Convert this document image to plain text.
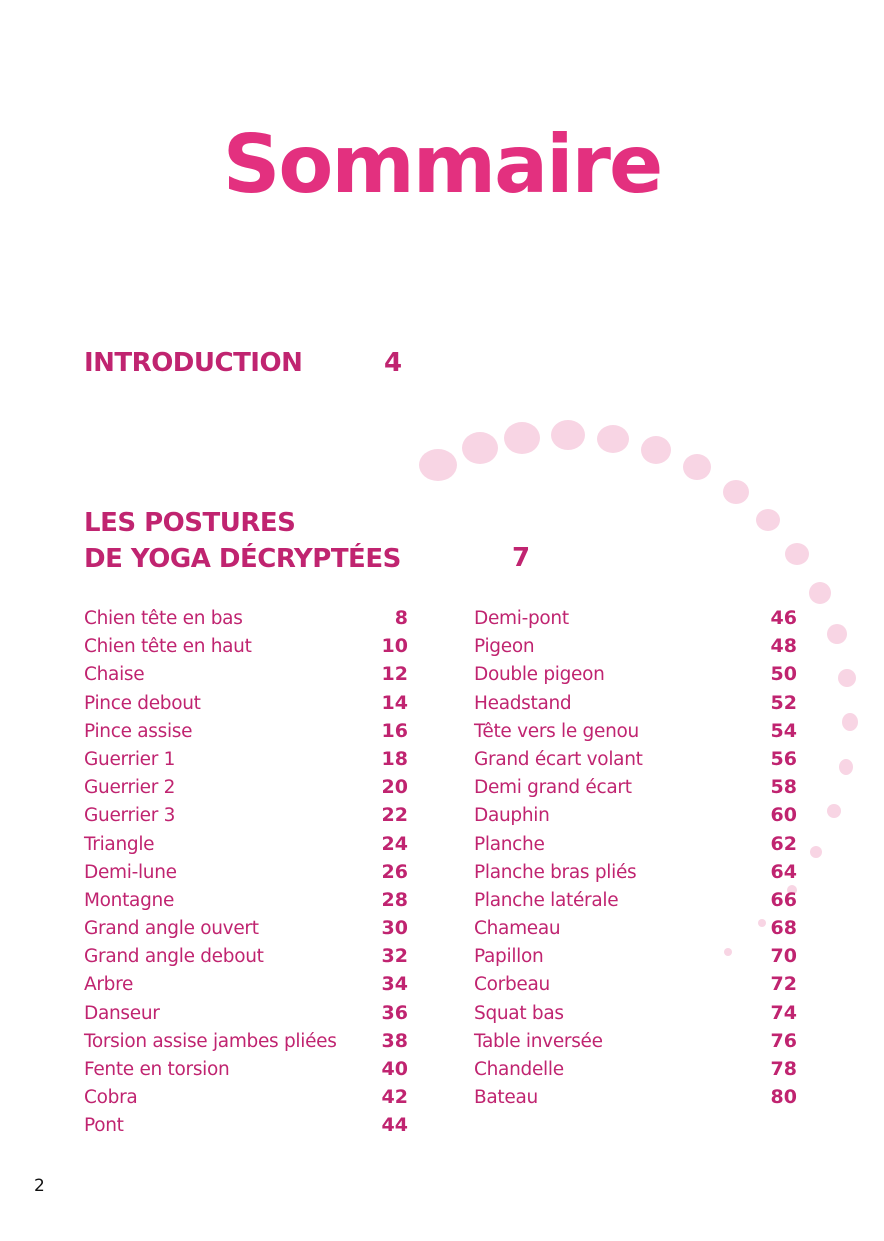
Sommaire
INTRODUCTION	4
LES POSTURES
DE YOGA DÉCRYPTÉES	7
Chien tête en bas	8
Chien tête en haut	10
Chaise	12
Pince debout	14
Pince assise	16
Guerrier 1	18
Guerrier 2	20
Guerrier 3	22
Triangle	24
Demi-lune	26
Montagne	28
Grand angle ouvert	30
Grand angle debout	32
Arbre	34
Danseur	36
Torsion assise jambes pliées 38
Fente en torsion	40
Cobra	42
Pont	44
Demi-pont	46
Pigeon	48
Double pigeon	50
Headstand	52
Tête vers le genou	54
Grand écart volant	56
Demi grand écart	58
Dauphin	60
Planche	62
Planche bras pliés	64
Planche latérale	66
Chameau	68
Papillon	70
Corbeau	72
Squat bas	74
Table inversée	76
Chandelle	78
Bateau	80
2
